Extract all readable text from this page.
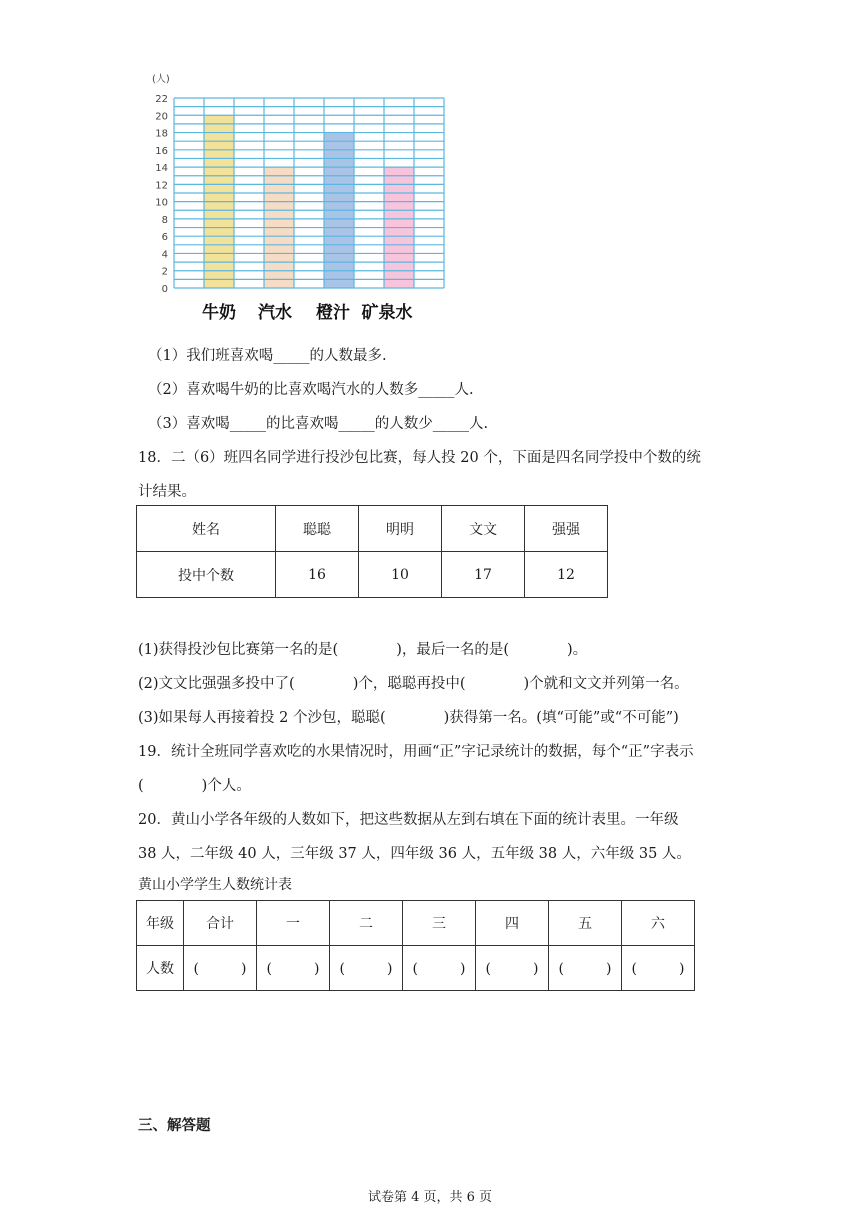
0
2
4
6
8
10
12
14
16
18
20
22
(人)
牛奶 汽水 橙汁 矿泉水
（1）我们班喜欢喝_____的人数最多.
（2）喜欢喝牛奶的比喜欢喝汽水的人数多_____人.
（3）喜欢喝_____的比喜欢喝_____的人数少_____人.
18．二（6）班四名同学进行投沙包比赛，每人投 20 个，下面是四名同学投中个数的统
计结果。
姓名	聪聪	明明	文文	强强
投中个数	16	10	17	12
(1)获得投沙包比赛第一名的是(　　　　)，最后一名的是(　　　　)。
(2)文文比强强多投中了(　　　　)个，聪聪再投中(　　　　)个就和文文并列第一名。
(3)如果每人再接着投 2 个沙包，聪聪(　　　　)获得第一名。(填“可能”或“不可能”)
19．统计全班同学喜欢吃的水果情况时，用画“正”字记录统计的数据，每个“正”字表示
(　　　　)个人。
20．黄山小学各年级的人数如下，把这些数据从左到右填在下面的统计表里。一年级
38 人，二年级 40 人，三年级 37 人，四年级 36 人，五年级 38 人，六年级 35 人。
黄山小学学生人数统计表
年级	合计	一	二	三	四	五	六
人数	(　　　)	(　　　)	(　　　)	(　　　)	(　　　)	(　　　)	(　　　)
三、解答题
试卷第 4 页，共 6 页
